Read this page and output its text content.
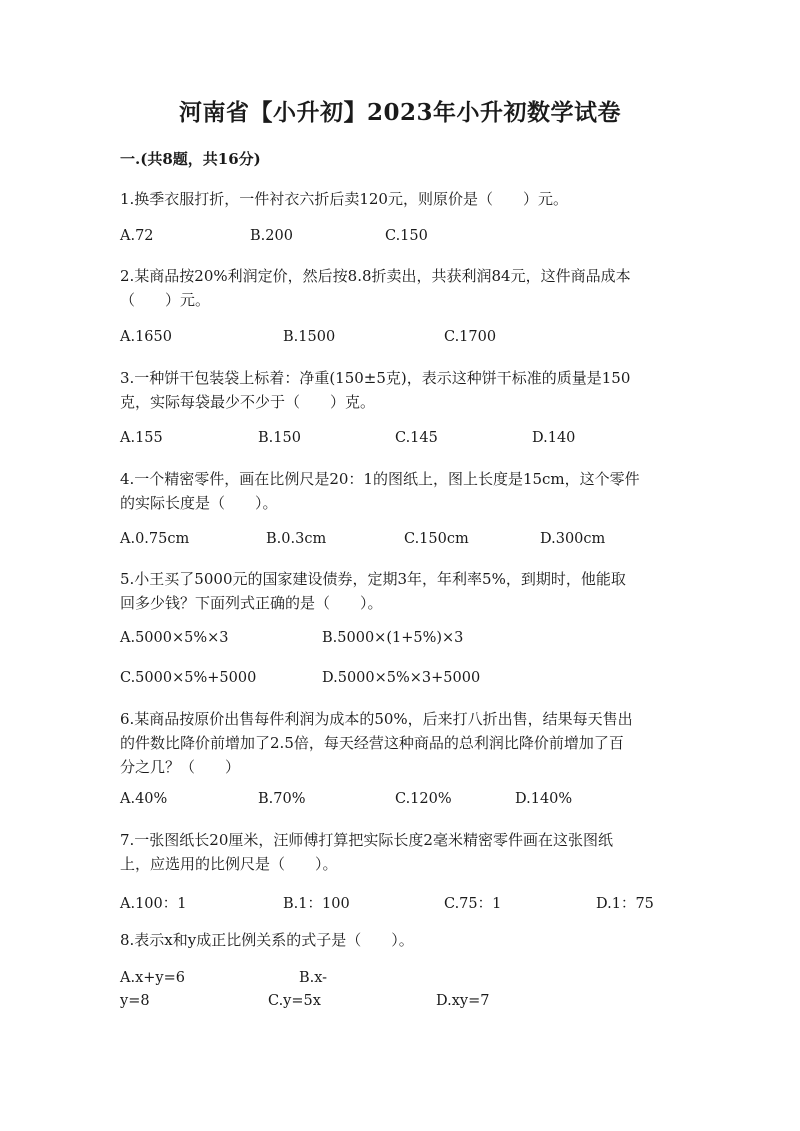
河南省【小升初】2023年小升初数学试卷
一.(共8题，共16分)
1.换季衣服打折，一件衬衣六折后卖120元，则原价是（　　）元。
A.72	B.200	C.150
2.某商品按20%利润定价，然后按8.8折卖出，共获利润84元，这件商品成本
（　　）元。
A.1650	B.1500	C.1700
3.一种饼干包装袋上标着：净重(150±5克)，表示这种饼干标准的质量是150
克，实际每袋最少不少于（　　）克。
A.155	B.150	C.145	D.140
4.一个精密零件，画在比例尺是20：1的图纸上，图上长度是15cm，这个零件
的实际长度是（　　）。
A.0.75cm	B.0.3cm	C.150cm	D.300cm
5.小王买了5000元的国家建设债券，定期3年，年利率5%，到期时，他能取
回多少钱？下面列式正确的是（　　）。
A.5000×5%×3	B.5000×(1+5%)×3
C.5000×5%+5000	D.5000×5%×3+5000
6.某商品按原价出售每件利润为成本的50%，后来打八折出售，结果每天售出
的件数比降价前增加了2.5倍，每天经营这种商品的总利润比降价前增加了百
分之几？（　　）
A.40%	B.70%	C.120%	D.140%
7.一张图纸长20厘米，汪师傅打算把实际长度2毫米精密零件画在这张图纸
上，应选用的比例尺是（　　）。
A.100：1	B.1：100	C.75：1	D.1：75
8.表示x和y成正比例关系的式子是（　　）。
A.x+y=6	B.x-
y=8	C.y=5x	D.xy=7
